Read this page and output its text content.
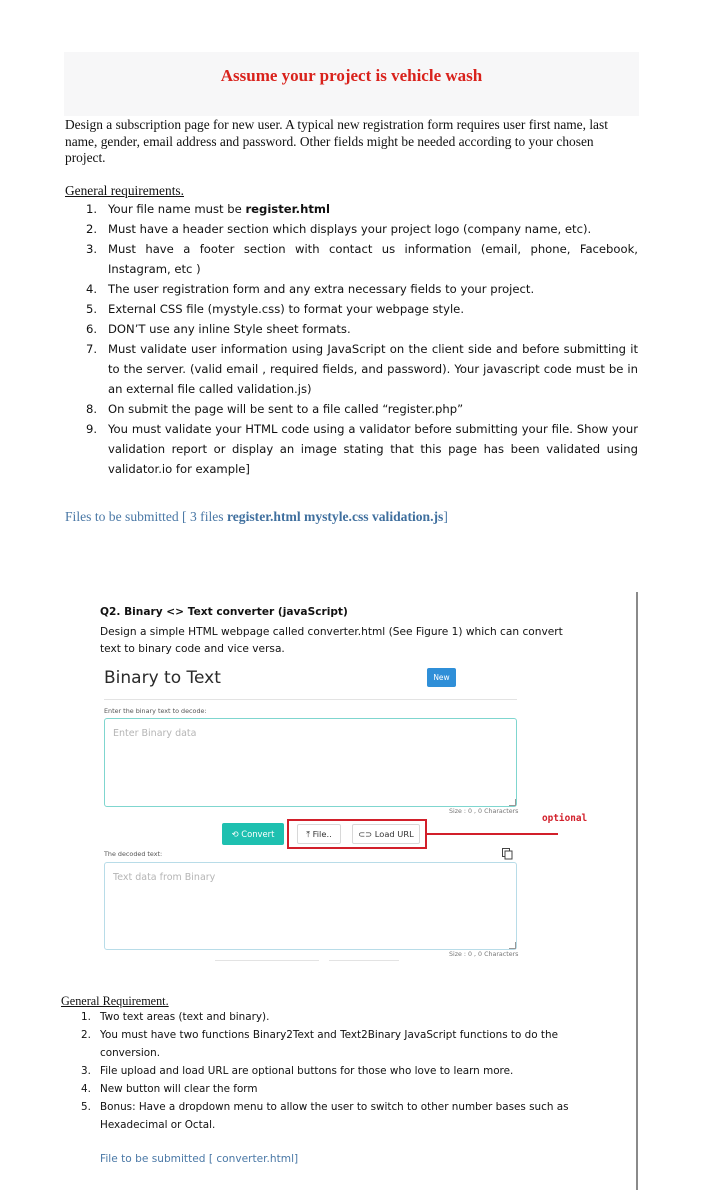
Assume your project is vehicle wash

Design a subscription page for new user. A typical new registration form requires user first name, last name, gender, email address and password. Other fields might be needed according to your chosen project.

General requirements.

1. Your file name must be register.html
2. Must have a header section which displays your project logo (company name, etc).
3. Must have a footer section with contact us information (email, phone, Facebook, Instagram, etc )
4. The user registration form and any extra necessary fields to your project.
5. External CSS file (mystyle.css) to format your webpage style.
6. DON’T use any inline Style sheet formats.
7. Must validate user information using JavaScript on the client side and before submitting it to the server. (valid email , required fields, and password). Your javascript code must be in an external file called validation.js)
8. On submit the page will be sent to a file called “register.php”
9. You must validate your HTML code using a validator before submitting your file. Show your validation report or display an image stating that this page has been validated using validator.io for example]

Files to be submitted [ 3 files register.html mystyle.css validation.js]

Q2. Binary <> Text converter (javaScript)

Design a simple HTML webpage called converter.html (See Figure 1) which can convert text to binary code and vice versa.

Binary to Text	New

Enter the binary text to decode:

Enter Binary data

Size : 0 , 0 Characters

⟲ Convert	⤒ File..	⊂⊃ Load URL

optional

The decoded text:

Text data from Binary

Size : 0 , 0 Characters

General Requirement.

1. Two text areas (text and binary).
2. You must have two functions Binary2Text and Text2Binary JavaScript functions to do the conversion.
3. File upload and load URL are optional buttons for those who love to learn more.
4. New button will clear the form
5. Bonus: Have a dropdown menu to allow the user to switch to other number bases such as Hexadecimal or Octal.

File to be submitted [ converter.html]
